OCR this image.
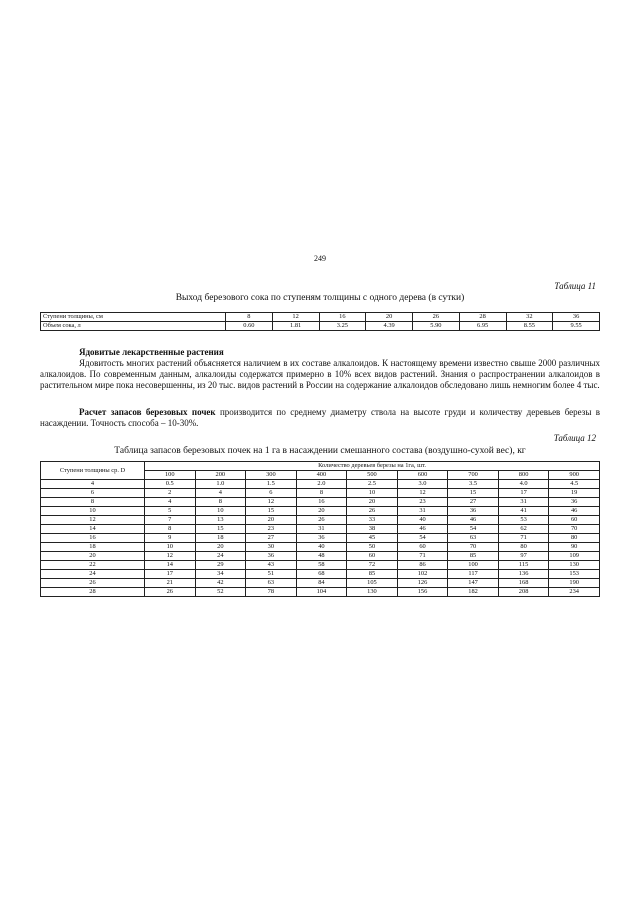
249
Таблица 11
Выход березового сока по ступеням толщины с одного дерева (в сутки)
Ступени толщины, см	8	12	16	20	26	28	32	36
Объем сока, л	0.60	1.81	3.25	4.39	5.90	6.95	8.55	9.55
Ядовитые лекарственные растения
Ядовитость многих растений объясняется наличием в их составе алкалоидов. К настоящему времени известно свыше 2000 различных алкалоидов. По современным данным, алкалоиды содержатся примерно в 10% всех видов растений. Знания о распространении алкалоидов в растительном мире пока несовершенны, из 20 тыс. видов растений в России на содержание алкалоидов обследовано лишь немногим более 4 тыс.
Расчет запасов березовых почек производится по среднему диаметру ствола на высоте груди и количеству деревьев березы в насаждении. Точность способа – 10-30%.
Таблица 12
Таблица запасов березовых почек на 1 га в насаждении смешанного состава (воздушно-сухой вес), кг
Ступени толщины ср. D	Количество деревьев березы на 1га, шт.								
	100	200	300	400	500	600	700	800	900
4	0.5	1.0	1.5	2.0	2.5	3.0	3.5	4.0	4.5
6	2	4	6	8	10	12	15	17	19
8	4	8	12	16	20	23	27	31	36
10	5	10	15	20	26	31	36	41	46
12	7	13	20	26	33	40	46	53	60
14	8	15	23	31	38	46	54	62	70
16	9	18	27	36	45	54	63	71	80
18	10	20	30	40	50	60	70	80	90
20	12	24	36	48	60	71	85	97	109
22	14	29	43	58	72	86	100	115	130
24	17	34	51	68	85	102	117	136	153
26	21	42	63	84	105	126	147	168	190
28	26	52	78	104	130	156	182	208	234
